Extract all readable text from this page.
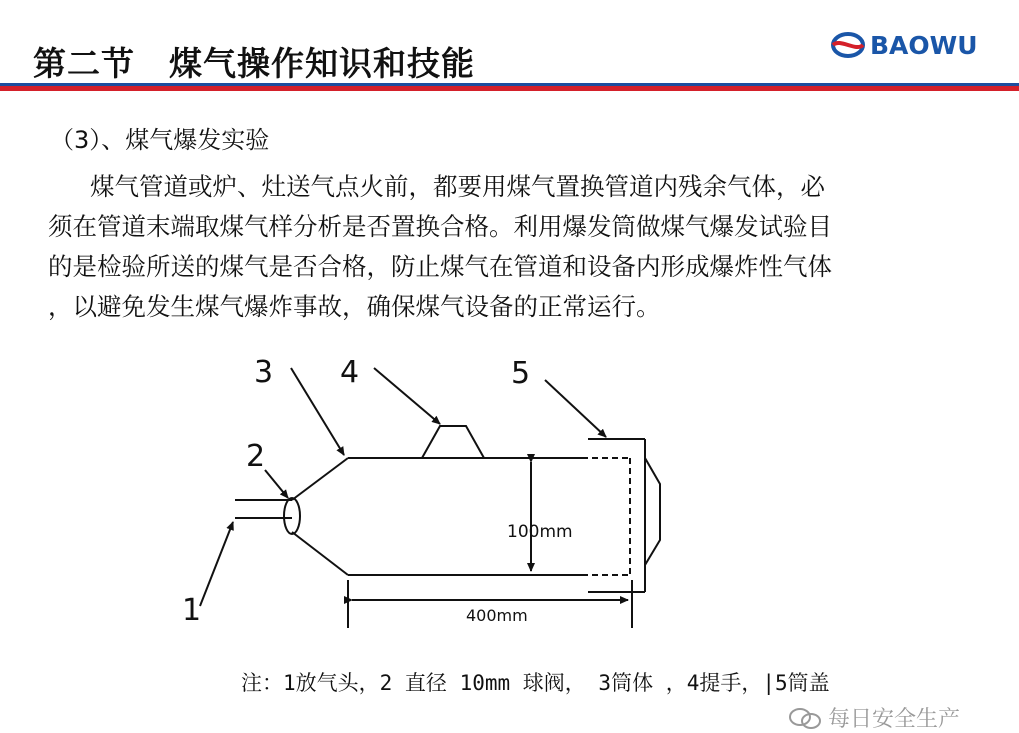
第二节　煤气操作知识和技能	BAOWU
（3）、煤气爆发实验
煤气管道或炉、灶送气点火前，都要用煤气置换管道内残余气体，必
须在管道末端取煤气样分析是否置换合格。利用爆发筒做煤气爆发试验目
的是检验所送的煤气是否合格，防止煤气在管道和设备内形成爆炸性气体
，以避免发生煤气爆炸事故，确保煤气设备的正常运行。
1
2
3 4	5
100mm
400mm
注：1放气头，2 直径 10mm 球阀， 3筒体 ，4提手，|5筒盖
每日安全生产
